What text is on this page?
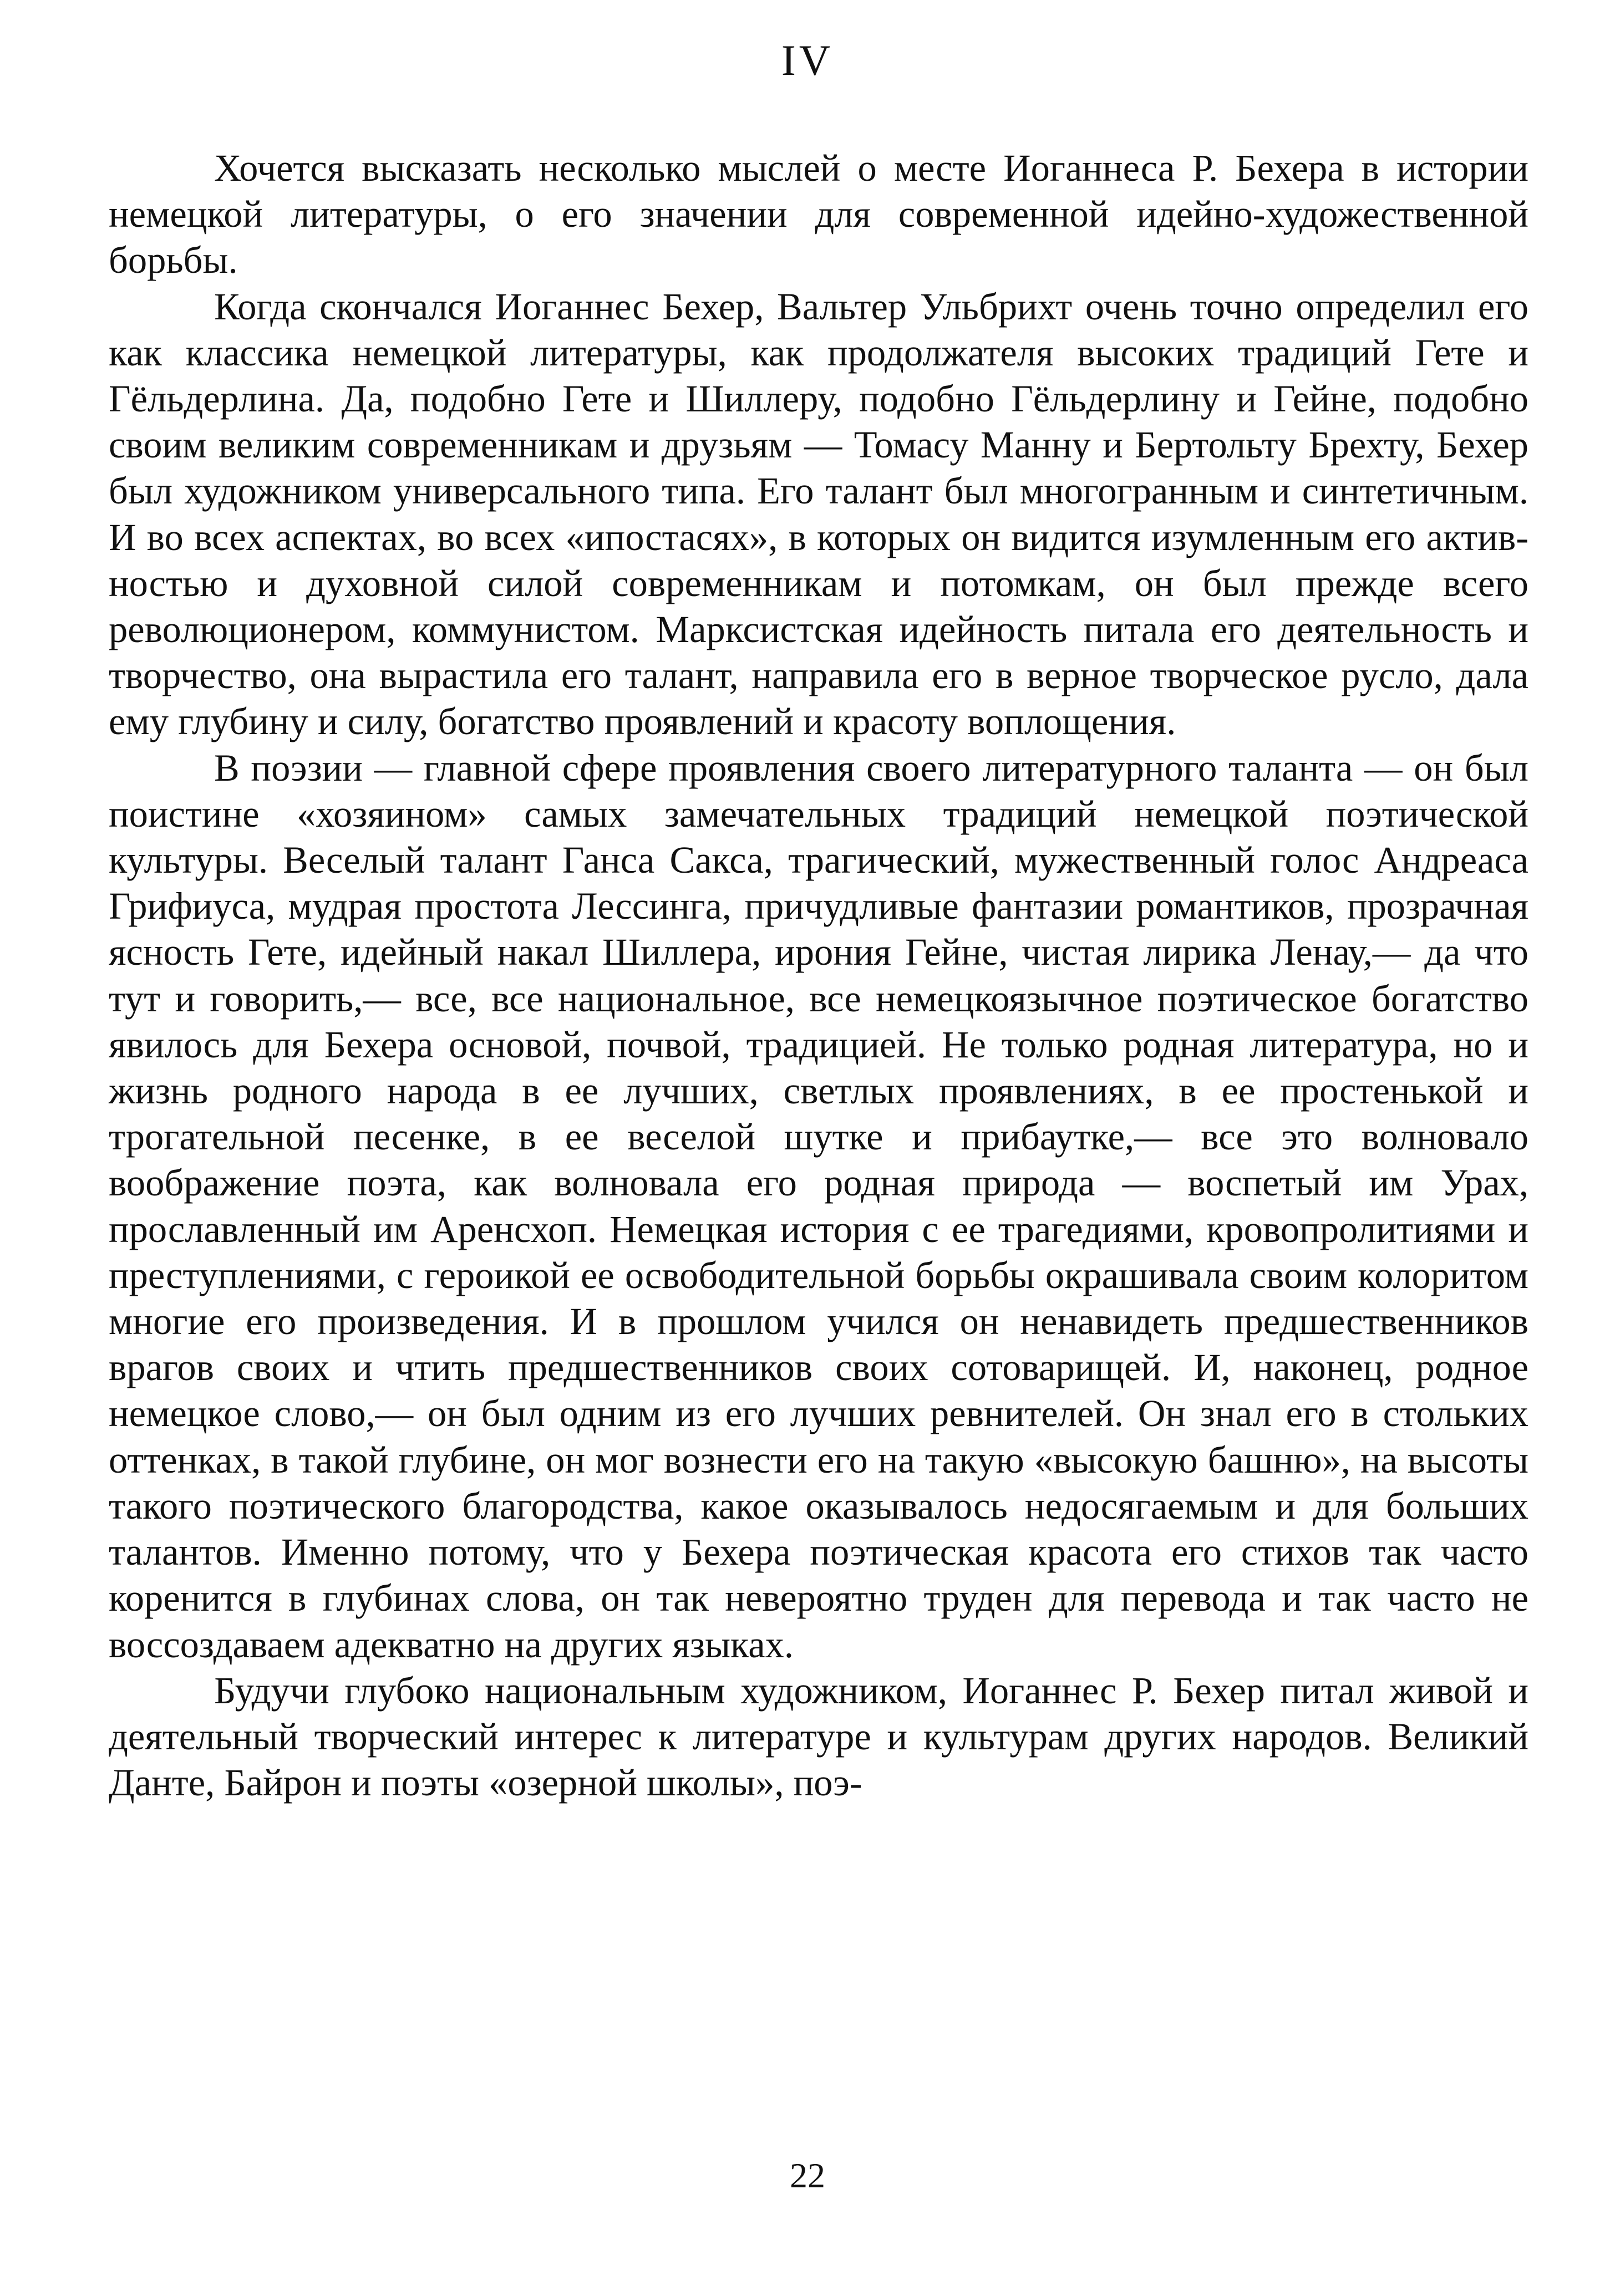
IV

Хочется высказать несколько мыслей о месте Иоганнеса Р. Бехера в истории немецкой литературы, о его значении для современной идейно-художественной борьбы.

Когда скончался Иоганнес Бехер, Вальтер Ульбрихт очень точно определил его как классика немецкой литературы, как продолжателя высоких традиций Гете и Гёльдерлина. Да, подобно Гете и Шиллеру, подобно Гёльдерлину и Гейне, подобно своим великим современникам и друзьям — Томасу Манну и Бертольту Брехту, Бехер был художником универсального типа. Его талант был многогранным и синтетичным. И во всех аспектах, во всех «ипостасях», в которых он видится изумленным его активностью и духовной силой современникам и потомкам, он был прежде всего революционером, коммунистом. Марксистская идейность питала его деятельность и творчество, она вырастила его талант, направила его в верное творческое русло, дала ему глубину и силу, богатство проявлений и красоту воплощения.

В поэзии — главной сфере проявления своего литературного таланта — он был поистине «хозяином» самых замечательных традиций немецкой поэтической культуры. Веселый талант Ганса Сакса, трагический, мужественный голос Андреаса Грифиуса, мудрая простота Лессинга, причудливые фантазии романтиков, прозрачная ясность Гете, идейный накал Шиллера, ирония Гейне, чистая лирика Ленау,— да что тут и говорить,— все, все национальное, все немецкоязычное поэтическое богатство явилось для Бехера основой, почвой, традицией. Не только родная литература, но и жизнь родного народа в ее лучших, светлых проявлениях, в ее простенькой и трогательной песенке, в ее веселой шутке и прибаутке,— все это волновало воображение поэта, как волновала его родная природа — воспетый им Урах, прославленный им Аренсхоп. Немецкая история с ее трагедиями, кровопролитиями и преступлениями, с героикой ее освободительной борьбы окрашивала своим колоритом многие его произведения. И в прошлом учился он ненавидеть предшественников врагов своих и чтить предшественников своих сотоварищей. И, наконец, родное немецкое слово,— он был одним из его лучших ревнителей. Он знал его в стольких оттенках, в такой глубине, он мог вознести его на такую «высокую башню», на высоты такого поэтического благородства, какое оказывалось недосягаемым и для больших талантов. Именно потому, что у Бехера поэтическая красота его стихов так часто коренится в глубинах слова, он так невероятно труден для перевода и так часто не воссоздаваем адекватно на других языках.

Будучи глубоко национальным художником, Иоганнес Р. Бехер питал живой и деятельный творческий интерес к литературе и культурам других народов. Великий Данте, Байрон и поэты «озерной школы», поэ-

22
